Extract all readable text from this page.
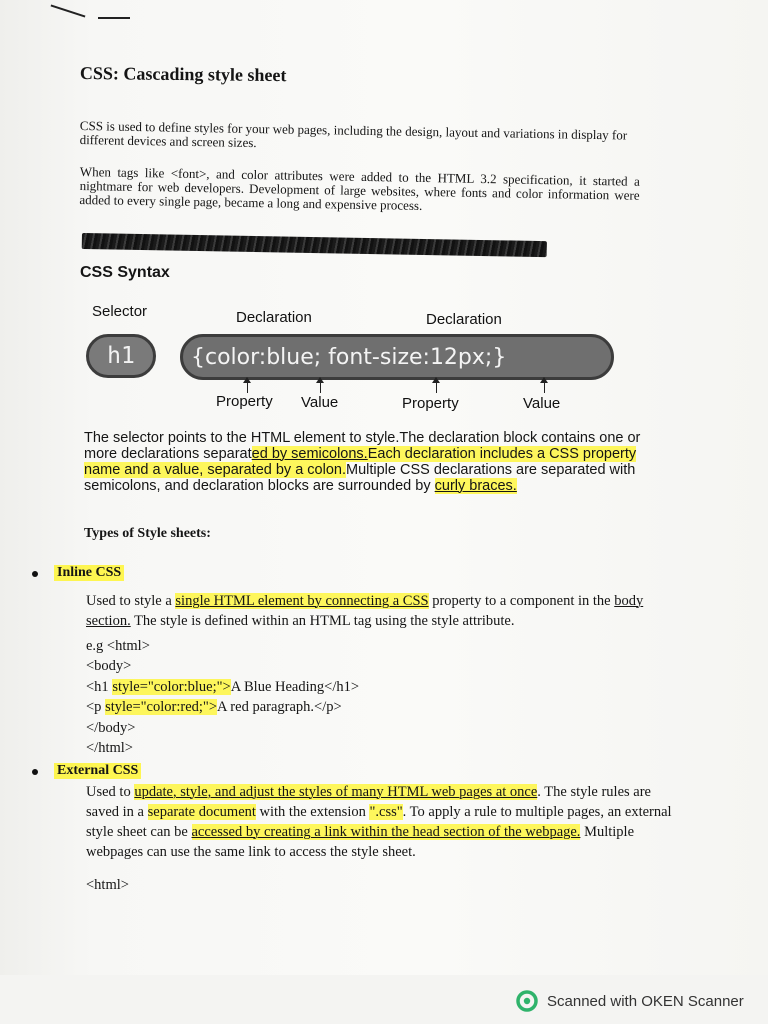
CSS: Cascading style sheet
CSS is used to define styles for your web pages, including the design, layout and variations in display for different devices and screen sizes.
When tags like <font>, and color attributes were added to the HTML 3.2 specification, it started a nightmare for web developers. Development of large websites, where fonts and color information were added to every single page, became a long and expensive process.
CSS Syntax
Selector	Declaration	Declaration
h1	{color:blue; font-size:12px;}
Property Value	Property	Value
The selector points to the HTML element to style.The declaration block contains one or more declarations separated by semicolons.Each declaration includes a CSS property name and a value, separated by a colon.Multiple CSS declarations are separated with semicolons, and declaration blocks are surrounded by curly braces.
Types of Style sheets:
Inline CSS
Used to style a single HTML element by connecting a CSS property to a component in the body section. The style is defined within an HTML tag using the style attribute.
e.g <html>
<body>
<h1 style="color:blue;">A Blue Heading</h1>
<p style="color:red;">A red paragraph.</p>
</body>
</html>
External CSS
Used to update, style, and adjust the styles of many HTML web pages at once. The style rules are saved in a separate document with the extension ".css". To apply a rule to multiple pages, an external style sheet can be accessed by creating a link within the head section of the webpage. Multiple webpages can use the same link to access the style sheet.
<html>
Scanned with OKEN Scanner
